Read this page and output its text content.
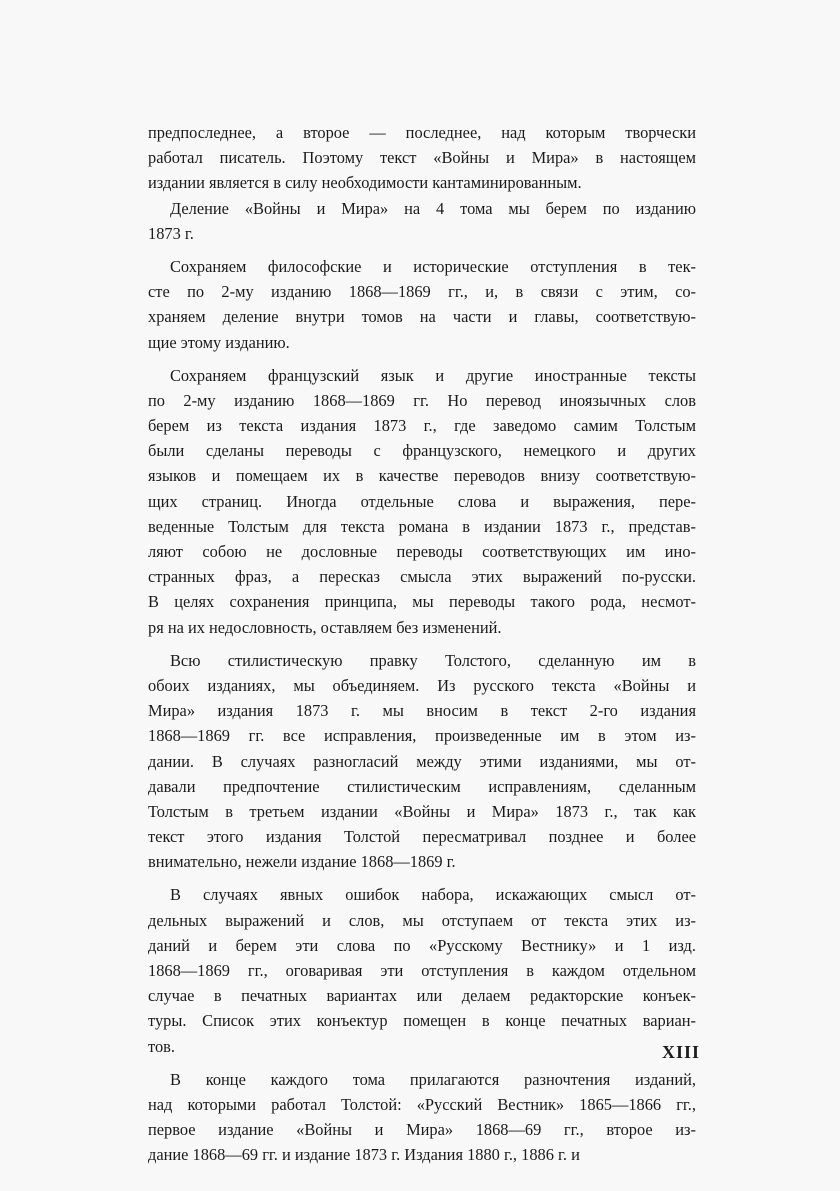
предпоследнее, а второе — последнее, над которым творчески
работал писатель. Поэтому текст «Войны и Мира» в настоящем
издании является в силу необходимости кантаминированным.
Деление «Войны и Мира» на 4 тома мы берем по изданию
1873 г.
Сохраняем философские и исторические отступления в тек-
сте по 2-му изданию 1868—1869 гг., и, в связи с этим, со-
храняем деление внутри томов на части и главы, соответствую-
щие этому изданию.
Сохраняем французский язык и другие иностранные тексты
по 2-му изданию 1868—1869 гг. Но перевод иноязычных слов
берем из текста издания 1873 г., где заведомо самим Толстым
были сделаны переводы с французского, немецкого и других
языков и помещаем их в качестве переводов внизу соответствую-
щих страниц. Иногда отдельные слова и выражения, пере-
веденные Толстым для текста романа в издании 1873 г., представ-
ляют собою не дословные переводы соответствующих им ино-
странных фраз, а пересказ смысла этих выражений по-русски.
В целях сохранения принципа, мы переводы такого рода, несмот-
ря на их недословность, оставляем без изменений.
Всю стилистическую правку Толстого, сделанную им в
обоих изданиях, мы объединяем. Из русского текста «Войны и
Мира» издания 1873 г. мы вносим в текст 2-го издания
1868—1869 гг. все исправления, произведенные им в этом из-
дании. В случаях разногласий между этими изданиями, мы от-
давали предпочтение стилистическим исправлениям, сделанным
Толстым в третьем издании «Войны и Мира» 1873 г., так как
текст этого издания Толстой пересматривал позднее и более
внимательно, нежели издание 1868—1869 г.
В случаях явных ошибок набора, искажающих смысл от-
дельных выражений и слов, мы отступаем от текста этих из-
даний и берем эти слова по «Русскому Вестнику» и 1 изд.
1868—1869 гг., оговаривая эти отступления в каждом отдельном
случае в печатных вариантах или делаем редакторские конъек-
туры. Список этих конъектур помещен в конце печатных вариан-
тов.
В конце каждого тома прилагаются разночтения изданий,
над которыми работал Толстой: «Русский Вестник» 1865—1866 гг.,
первое издание «Войны и Мира» 1868—69 гг., второе из-
дание 1868—69 гг. и издание 1873 г. Издания 1880 г., 1886 г. и
XIII
